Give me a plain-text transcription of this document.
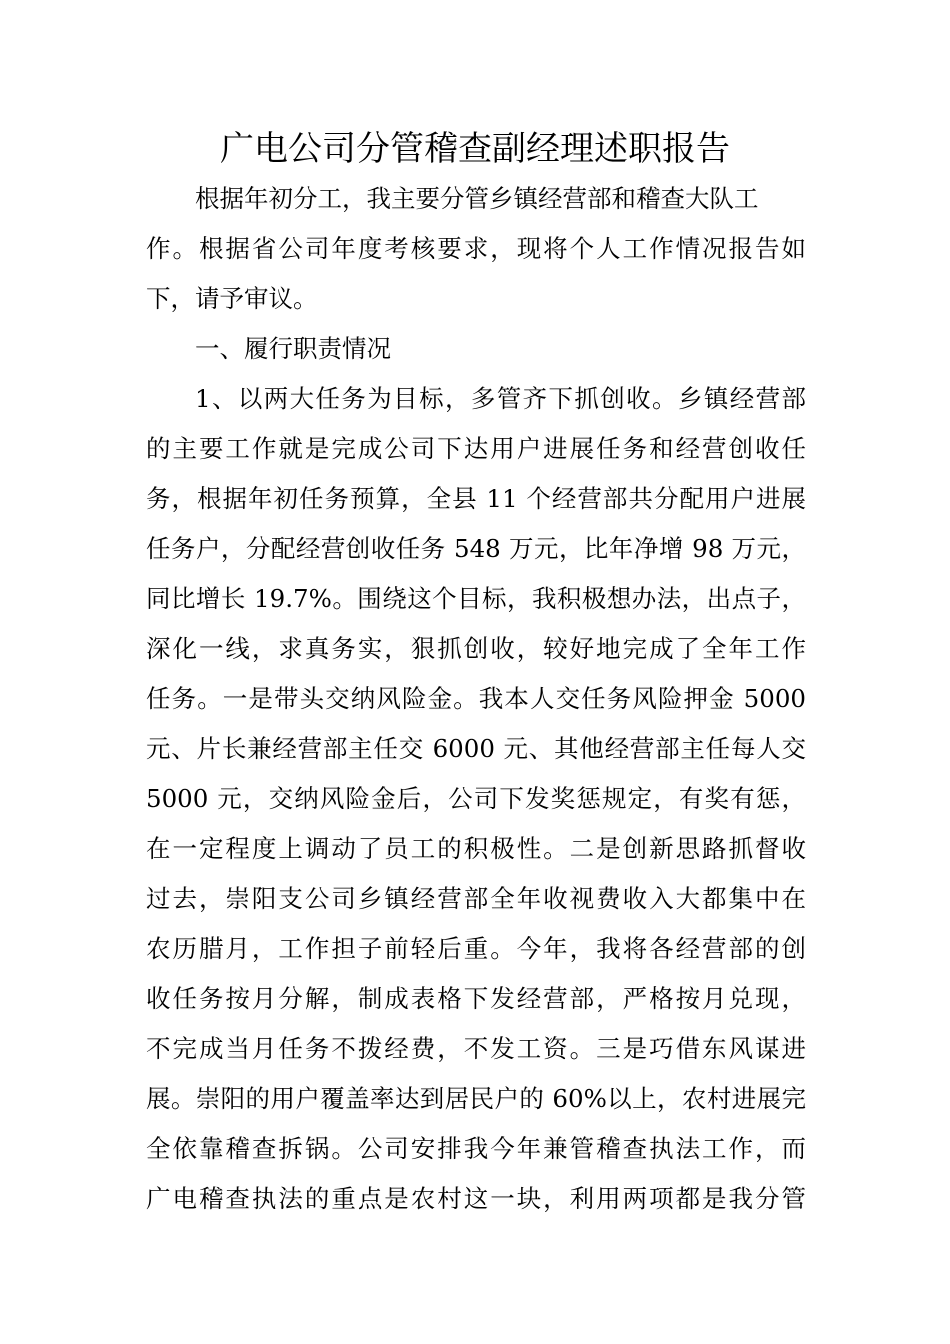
广电公司分管稽查副经理述职报告
根据年初分工，我主要分管乡镇经营部和稽查大队工
作。根据省公司年度考核要求，现将个人工作情况报告如
下，请予审议。
一、履行职责情况
1、以两大任务为目标，多管齐下抓创收。乡镇经营部
的主要工作就是完成公司下达用户进展任务和经营创收任
务，根据年初任务预算，全县 11 个经营部共分配用户进展
任务户，分配经营创收任务 548 万元，比年净增 98 万元，
同比增长 19.7%。围绕这个目标，我积极想办法，出点子，
深化一线，求真务实，狠抓创收，较好地完成了全年工作
任务。一是带头交纳风险金。我本人交任务风险押金 5000
元、片长兼经营部主任交 6000 元、其他经营部主任每人交
5000 元，交纳风险金后，公司下发奖惩规定，有奖有惩，
在一定程度上调动了员工的积极性。二是创新思路抓督收
过去，崇阳支公司乡镇经营部全年收视费收入大都集中在
农历腊月，工作担子前轻后重。今年，我将各经营部的创
收任务按月分解，制成表格下发经营部，严格按月兑现，
不完成当月任务不拨经费，不发工资。三是巧借东风谋进
展。崇阳的用户覆盖率达到居民户的 60%以上，农村进展完
全依靠稽查拆锅。公司安排我今年兼管稽查执法工作，而
广电稽查执法的重点是农村这一块，利用两项都是我分管
